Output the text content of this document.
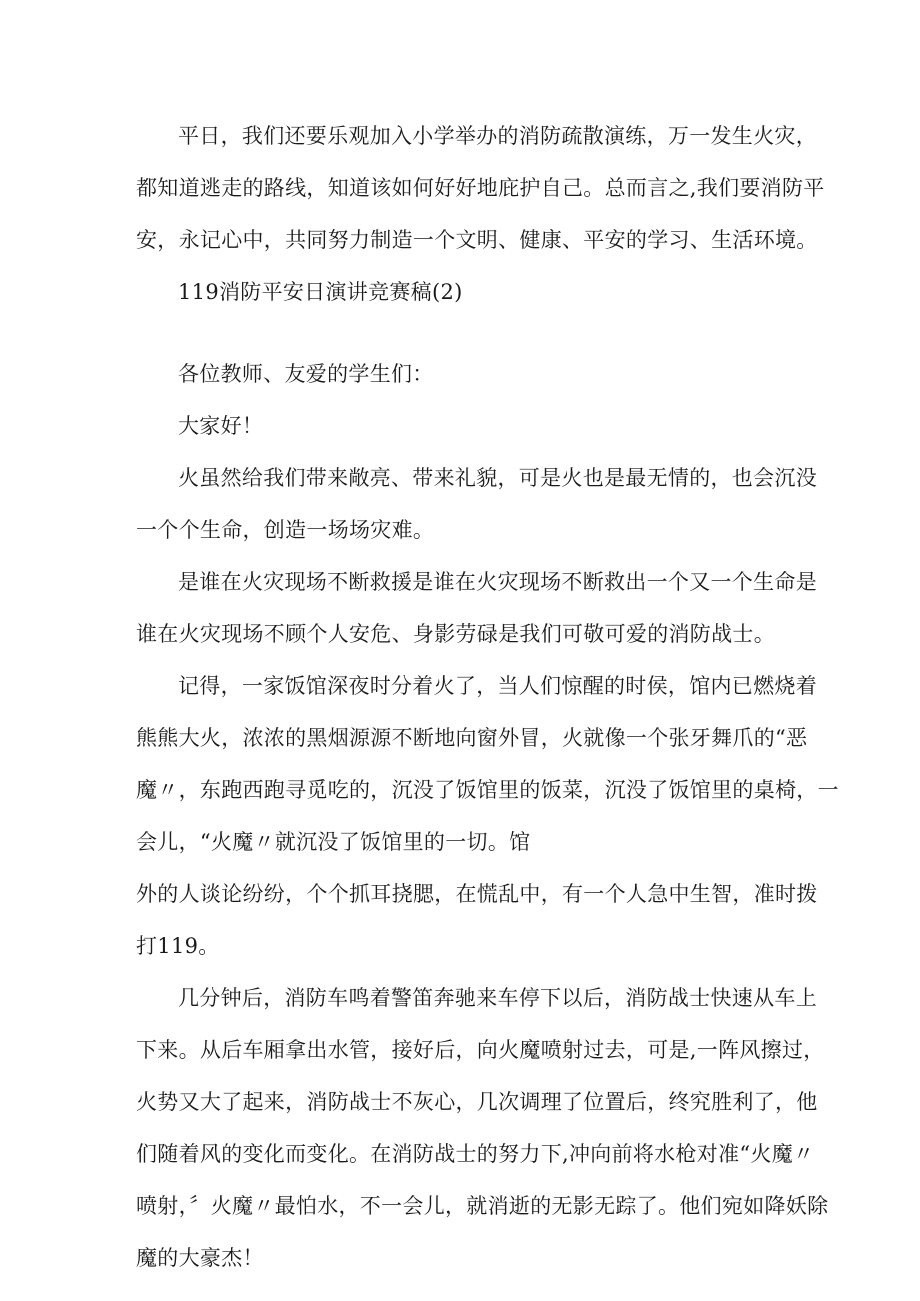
平日，我们还要乐观加入小学举办的消防疏散演练，万一发生火灾，
都知道逃走的路线，知道该如何好好地庇护自己。总而言之,我们要消防平
安，永记心中，共同努力制造一个文明、健康、平安的学习、生活环境。
119消防平安日演讲竞赛稿(2)
各位教师、友爱的学生们：
大家好！
火虽然给我们带来敞亮、带来礼貌，可是火也是最无情的，也会沉没
一个个生命，创造一场场灾难。
是谁在火灾现场不断救援是谁在火灾现场不断救出一个又一个生命是
谁在火灾现场不顾个人安危、身影劳碌是我们可敬可爱的消防战士。
记得，一家饭馆深夜时分着火了，当人们惊醒的时侯，馆内已燃烧着
熊熊大火，浓浓的黑烟源源不断地向窗外冒，火就像一个张牙舞爪的“恶
魔〃，东跑西跑寻觅吃的，沉没了饭馆里的饭菜，沉没了饭馆里的桌椅，一
会儿，“火魔〃就沉没了饭馆里的一切。馆
外的人谈论纷纷，个个抓耳挠腮，在慌乱中，有一个人急中生智，准时拨
打119。
几分钟后，消防车鸣着警笛奔驰来车停下以后，消防战士快速从车上
下来。从后车厢拿出水管，接好后，向火魔喷射过去，可是,一阵风擦过，
火势又大了起来，消防战士不灰心，几次调理了位置后，终究胜利了，他
们随着风的变化而变化。在消防战士的努力下,冲向前将水枪对准“火魔〃
喷射，〞火魔〃最怕水，不一会儿，就消逝的无影无踪了。他们宛如降妖除
魔的大豪杰！
